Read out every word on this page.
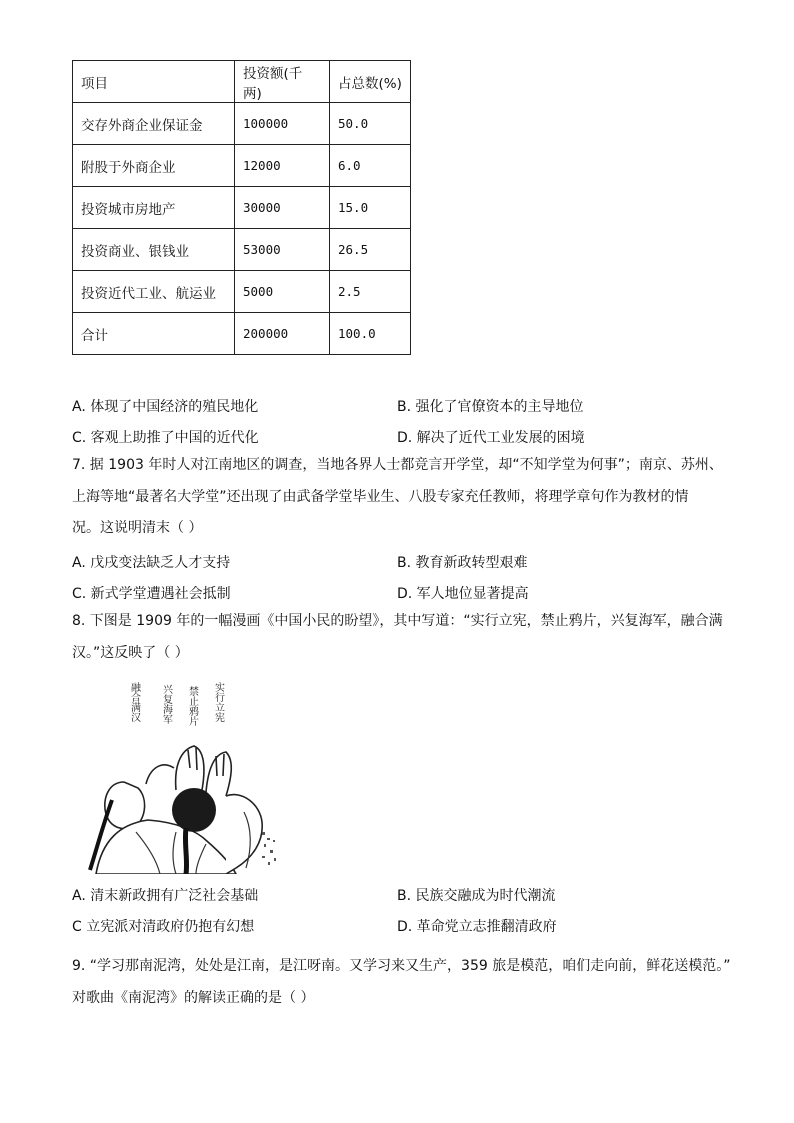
项目	投资额(千两)	占总数(%)
交存外商企业保证金	100000	50.0
附股于外商企业	12000	6.0
投资城市房地产	30000	15.0
投资商业、银钱业	53000	26.5
投资近代工业、航运业	5000	2.5
合计	200000	100.0
A. 体现了中国经济的殖民地化	B. 强化了官僚资本的主导地位
C. 客观上助推了中国的近代化	D. 解决了近代工业发展的困境
7. 据 1903 年时人对江南地区的调查，当地各界人士都竞言开学堂，却“不知学堂为何事”；南京、苏州、
上海等地“最著名大学堂”还出现了由武备学堂毕业生、八股专家充任教师，将理学章句作为教材的情
况。这说明清末（ ）
A. 戊戌变法缺乏人才支持	B. 教育新政转型艰难
C. 新式学堂遭遇社会抵制	D. 军人地位显著提高
8. 下图是 1909 年的一幅漫画《中国小民的盼望》，其中写道：“实行立宪，禁止鸦片，兴复海军，融合满
汉。”这反映了（ ）
实行立宪
禁止鸦片
兴复海军
融合满汉
A. 清末新政拥有广泛社会基础	B. 民族交融成为时代潮流
C 立宪派对清政府仍抱有幻想	D. 革命党立志推翻清政府
9. “学习那南泥湾，处处是江南，是江呀南。又学习来又生产，359 旅是模范，咱们走向前，鲜花送模范。”
对歌曲《南泥湾》的解读正确的是（ ）
